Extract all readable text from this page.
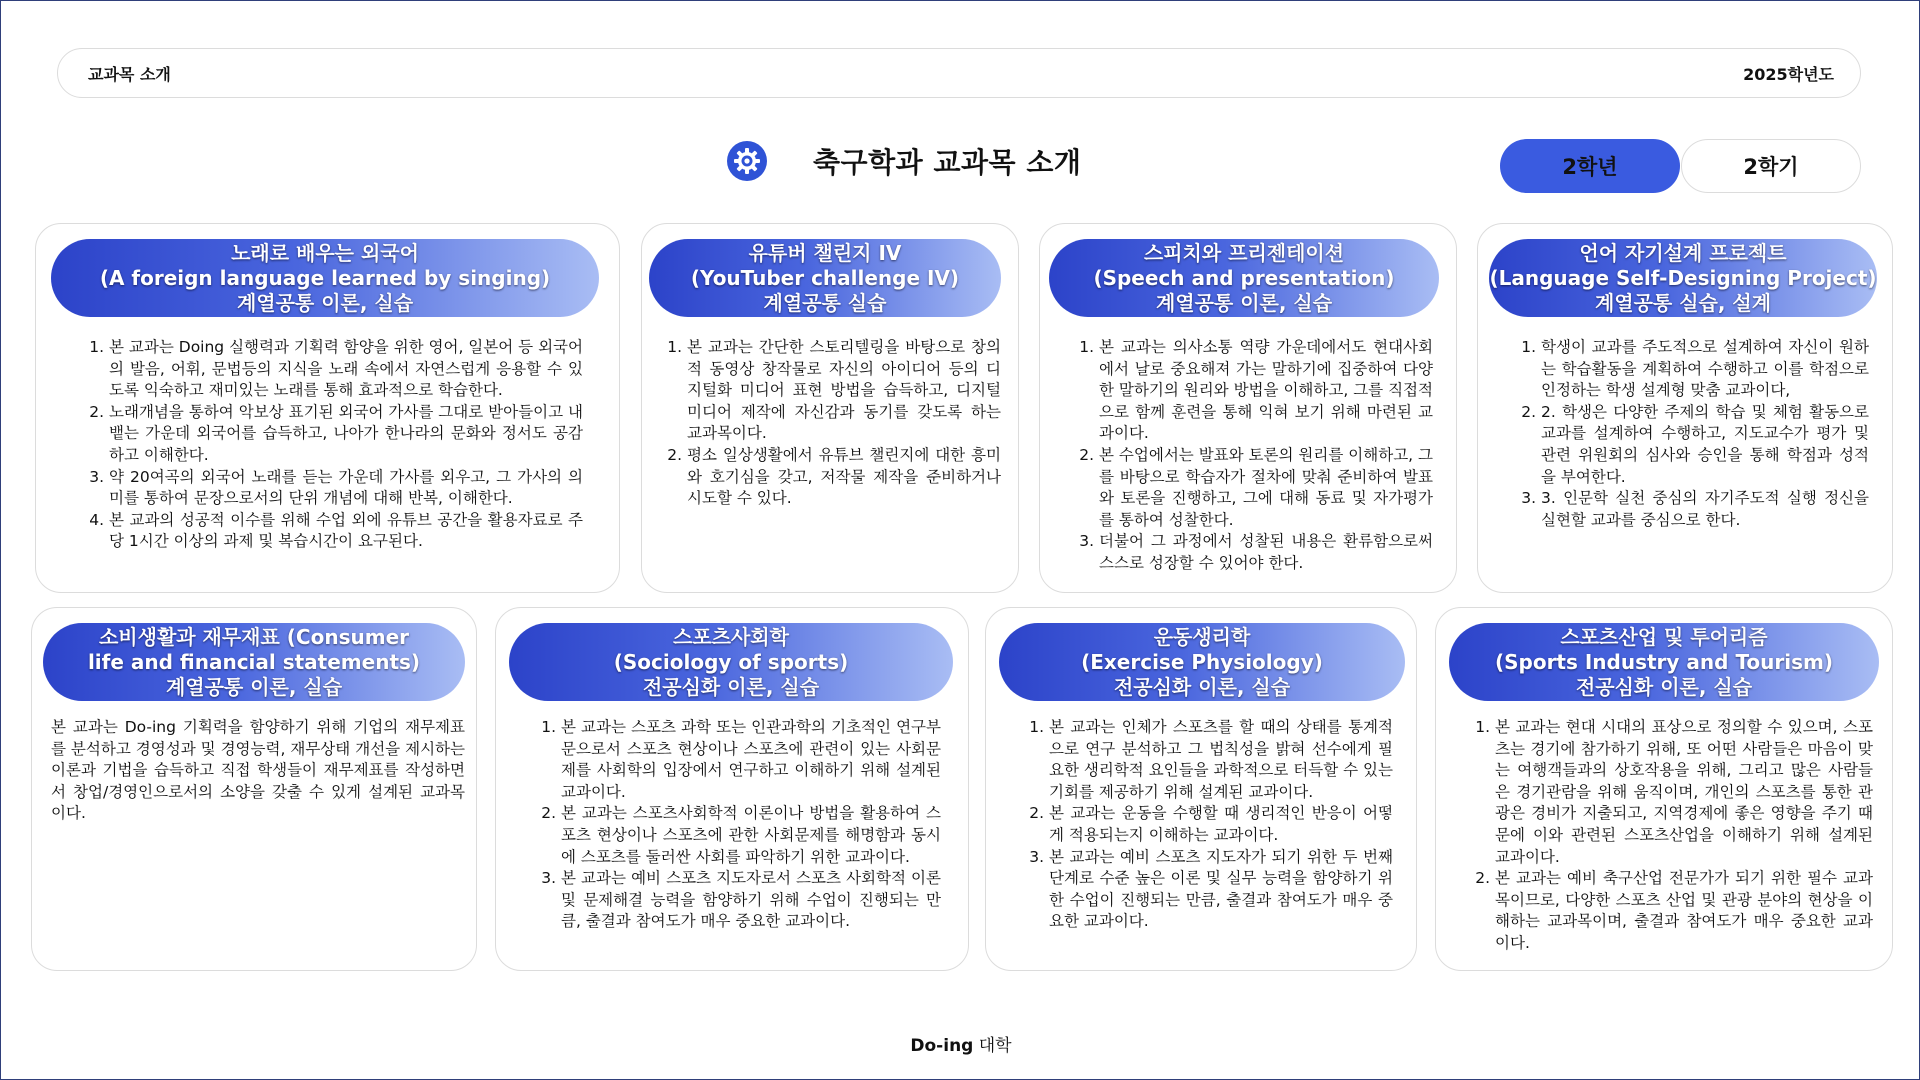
교과목 소개	2025학년도
축구학과 교과목 소개	2학년	2학기
노래로 배우는 외국어
(A foreign language learned by singing)
계열공통 이론, 실습
1. 본 교과는 Doing 실행력과 기획력 함양을 위한 영어, 일본어 등 외국어의 발음, 어휘, 문법등의 지식을 노래 속에서 자연스럽게 응용할 수 있도록 익숙하고 재미있는 노래를 통해 효과적으로 학습한다.
2. 노래개념을 통하여 악보상 표기된 외국어 가사를 그대로 받아들이고 내뱉는 가운데 외국어를 습득하고, 나아가 한나라의 문화와 정서도 공감하고 이해한다.
3. 약 20여곡의 외국어 노래를 듣는 가운데 가사를 외우고, 그 가사의 의미를 통하여 문장으로서의 단위 개념에 대해 반복, 이해한다.
4. 본 교과의 성공적 이수를 위해 수업 외에 유튜브 공간을 활용자료로 주당 1시간 이상의 과제 및 복습시간이 요구된다.
유튜버 챌린지 IV
(YouTuber challenge IV)
계열공통 실습
1. 본 교과는 간단한 스토리텔링을 바탕으로 창의적 동영상 창작물로 자신의 아이디어 등의 디지털화 미디어 표현 방법을 습득하고, 디지털 미디어 제작에 자신감과 동기를 갖도록 하는 교과목이다.
2. 평소 일상생활에서 유튜브 챌린지에 대한 흥미와 호기심을 갖고, 저작물 제작을 준비하거나 시도할 수 있다.
스피치와 프리젠테이션
(Speech and presentation)
계열공통 이론, 실습
1. 본 교과는 의사소통 역량 가운데에서도 현대사회에서 날로 중요해져 가는 말하기에 집중하여 다양한 말하기의 원리와 방법을 이해하고, 그를 직접적으로 함께 훈련을 통해 익혀 보기 위해 마련된 교과이다.
2. 본 수업에서는 발표와 토론의 원리를 이해하고, 그를 바탕으로 학습자가 절차에 맞춰 준비하여 발표와 토론을 진행하고, 그에 대해 동료 및 자가평가를 통하여 성찰한다.
3. 더불어 그 과정에서 성찰된 내용은 환류함으로써 스스로 성장할 수 있어야 한다.
언어 자기설계 프로젝트
(Language Self-Designing Project)
계열공통 실습, 설계
1. 학생이 교과를 주도적으로 설계하여 자신이 원하는 학습활동을 계획하여 수행하고 이를 학점으로 인정하는 학생 설계형 맞춤 교과이다,
2. 2. 학생은 다양한 주제의 학습 및 체험 활동으로 교과를 설계하여 수행하고, 지도교수가 평가 및 관련 위원회의 심사와 승인을 통해 학점과 성적을 부여한다.
3. 3. 인문학 실천 중심의 자기주도적 실행 정신을 실현할 교과를 중심으로 한다.
소비생활과 재무재표 (Consumer
life and financial statements)
계열공통 이론, 실습
본 교과는 Do-ing 기획력을 함양하기 위해 기업의 재무제표를 분석하고 경영성과 및 경영능력, 재무상태 개선을 제시하는 이론과 기법을 습득하고 직접 학생들이 재무제표를 작성하면서 창업/경영인으로서의 소양을 갖출 수 있게 설계된 교과목이다.
스포츠사회학
(Sociology of sports)
전공심화 이론, 실습
1. 본 교과는 스포츠 과학 또는 인관과학의 기초적인 연구부문으로서 스포츠 현상이나 스포츠에 관련이 있는 사회문제를 사회학의 입장에서 연구하고 이해하기 위해 설계된 교과이다.
2. 본 교과는 스포츠사회학적 이론이나 방법을 활용하여 스포츠 현상이나 스포츠에 관한 사회문제를 해명함과 동시에 스포츠를 둘러싼 사회를 파악하기 위한 교과이다.
3. 본 교과는 예비 스포츠 지도자로서 스포츠 사회학적 이론 및 문제해결 능력을 함양하기 위해 수업이 진행되는 만큼, 출결과 참여도가 매우 중요한 교과이다.
운동생리학
(Exercise Physiology)
전공심화 이론, 실습
1. 본 교과는 인체가 스포츠를 할 때의 상태를 통계적으로 연구 분석하고 그 법칙성을 밝혀 선수에게 필요한 생리학적 요인들을 과학적으로 터득할 수 있는 기회를 제공하기 위해 설계된 교과이다.
2. 본 교과는 운동을 수행할 때 생리적인 반응이 어떻게 적용되는지 이해하는 교과이다.
3. 본 교과는 예비 스포츠 지도자가 되기 위한 두 번째 단계로 수준 높은 이론 및 실무 능력을 함양하기 위한 수업이 진행되는 만큼, 출결과 참여도가 매우 중요한 교과이다.
스포츠산업 및 투어리즘
(Sports Industry and Tourism)
전공심화 이론, 실습
1. 본 교과는 현대 시대의 표상으로 정의할 수 있으며, 스포츠는 경기에 참가하기 위해, 또 어떤 사람들은 마음이 맞는 여행객들과의 상호작용을 위해, 그리고 많은 사람들은 경기관람을 위해 움직이며, 개인의 스포츠를 통한 관광은 경비가 지출되고, 지역경제에 좋은 영향을 주기 때문에 이와 관련된 스포츠산업을 이해하기 위해 설계된 교과이다.
2. 본 교과는 예비 축구산업 전문가가 되기 위한 필수 교과목이므로, 다양한 스포츠 산업 및 관광 분야의 현상을 이해하는 교과목이며, 출결과 참여도가 매우 중요한 교과이다.
Do-ing 대학
